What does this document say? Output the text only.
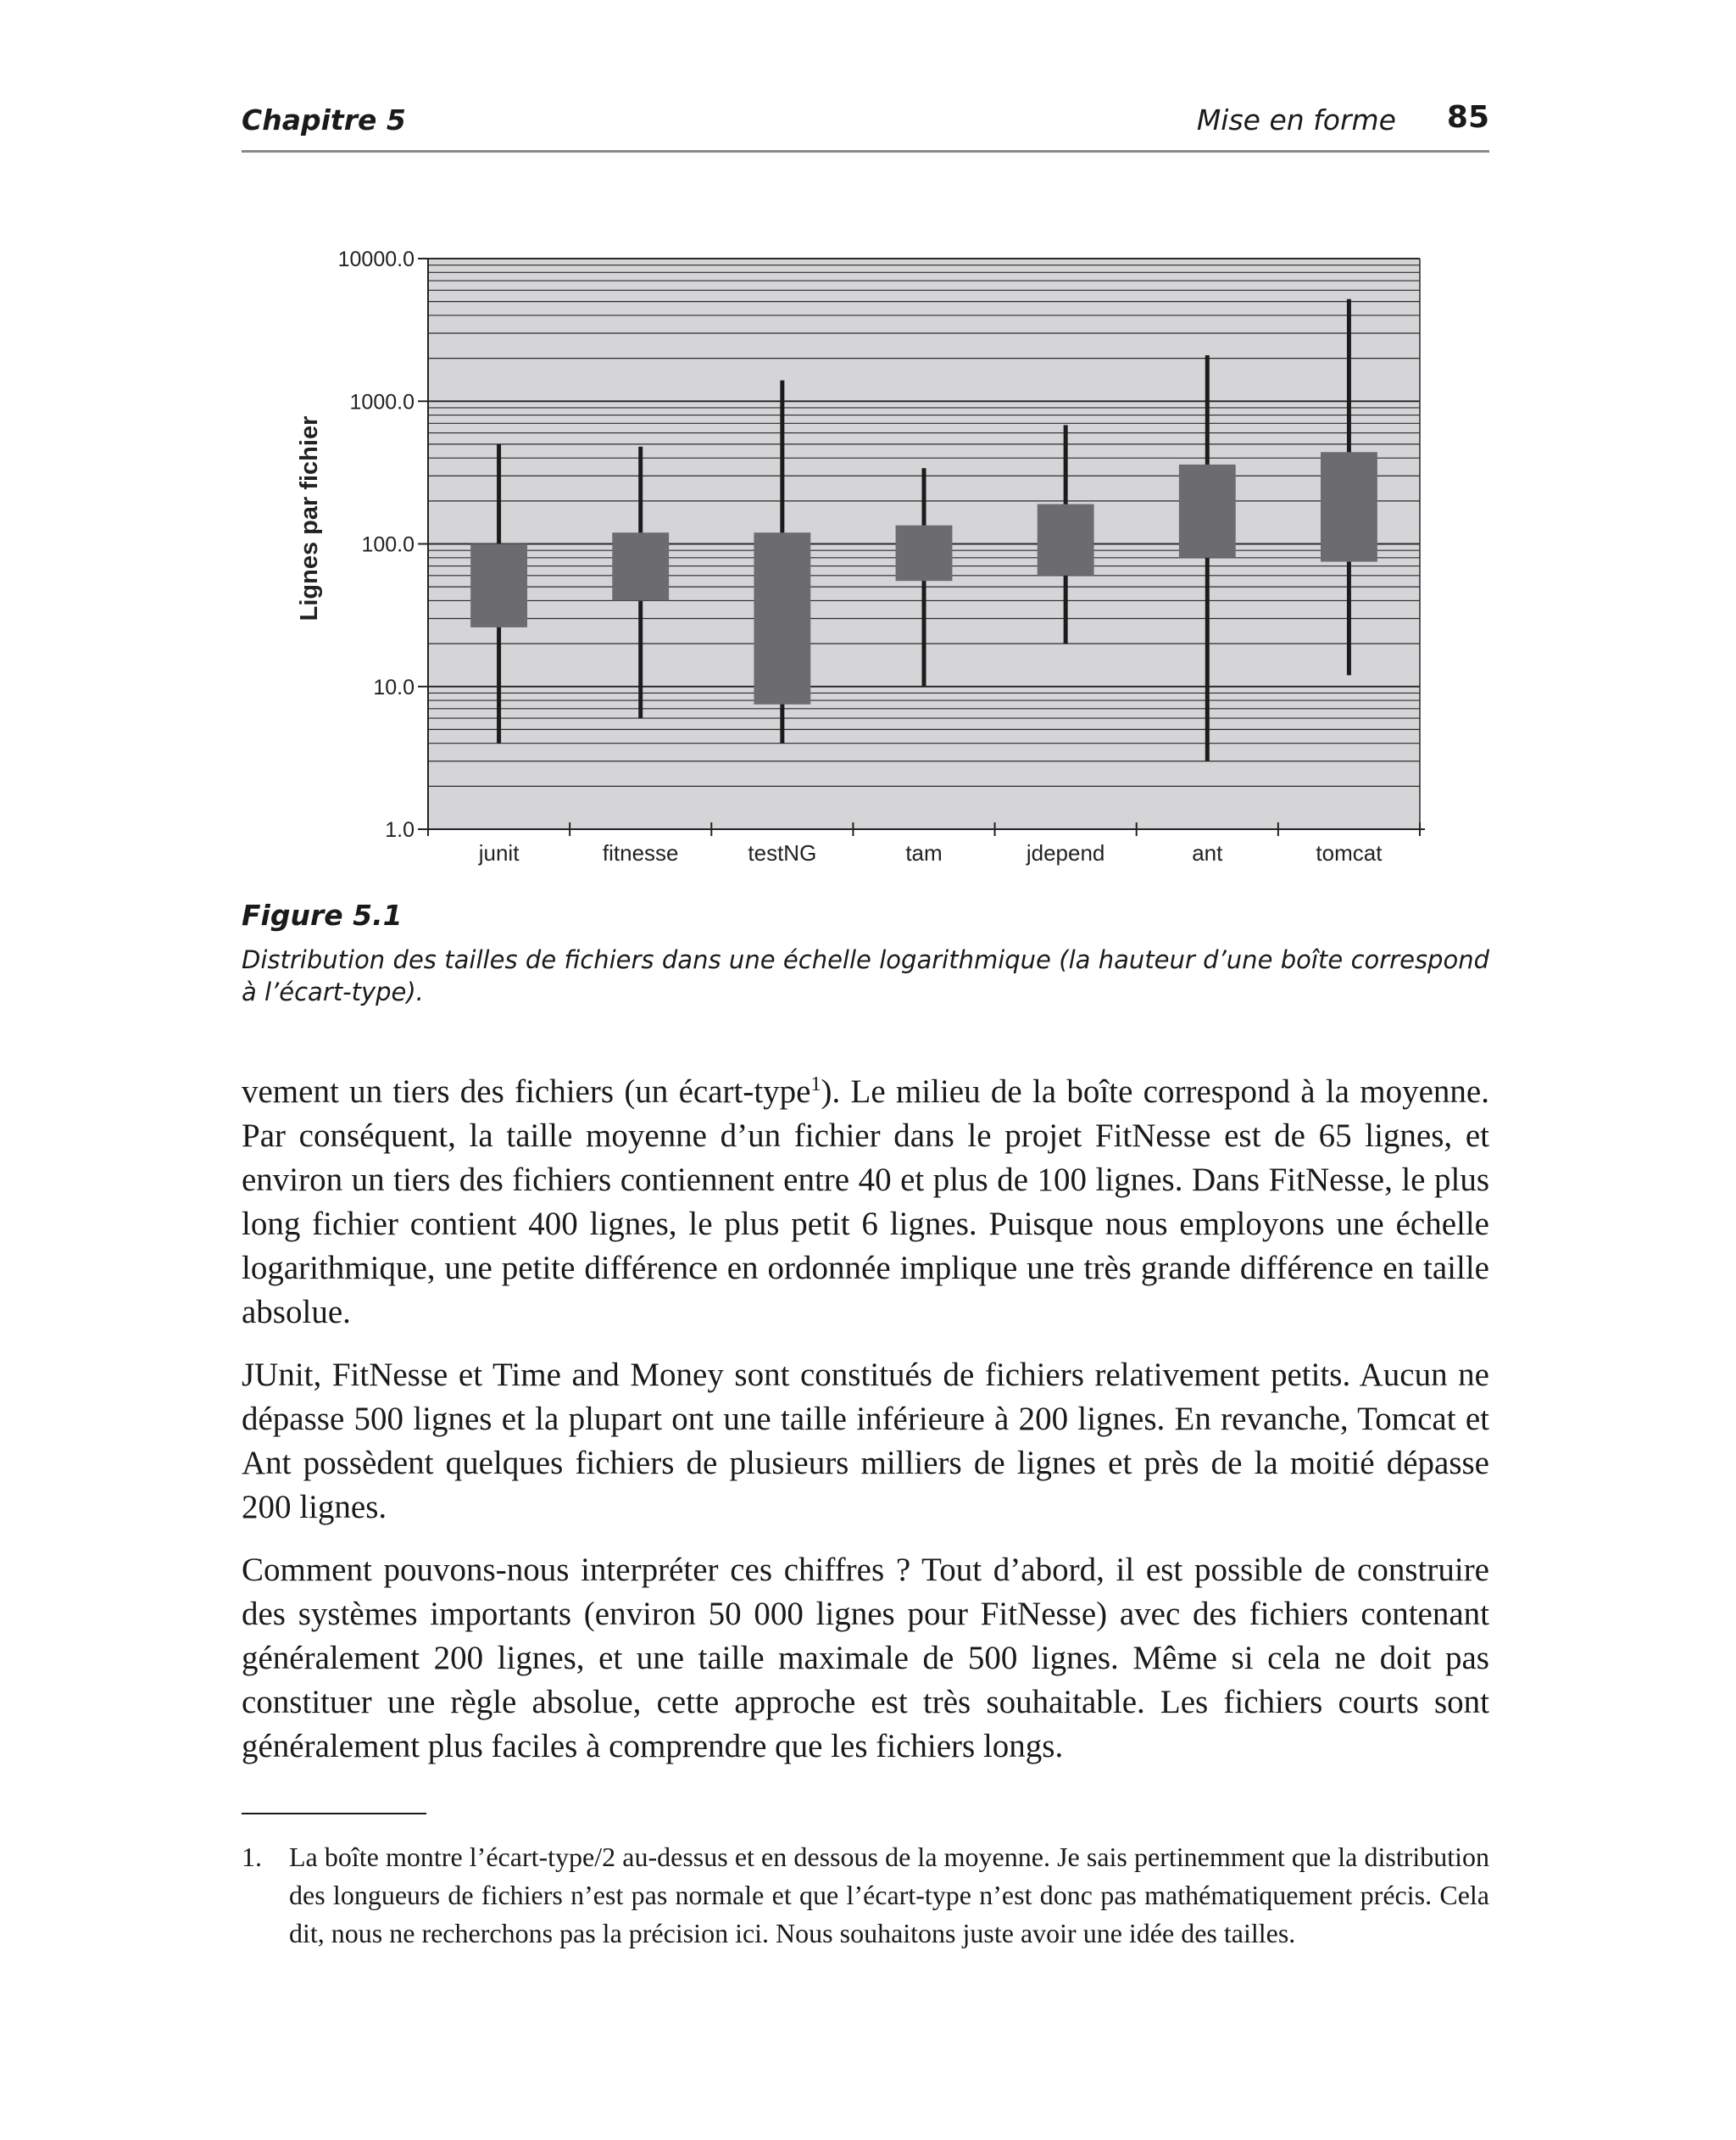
Chapitre 5	Mise en forme 85
1.0
10.0
100.0
1000.0
10000.0
junit	fitnesse	testNG	tam	jdepend	ant	tomcat
Lignes par fichier
Figure 5.1
Distribution des tailles de fichiers dans une échelle logarithmique (la hauteur d’une boîte correspond à l’écart-type).

vement un tiers des fichiers (un écart-type$^1$). Le milieu de la boîte correspond à la moyenne. Par conséquent, la taille moyenne d’un fichier dans le projet FitNesse est de 65 lignes, et environ un tiers des fichiers contiennent entre 40 et plus de 100 lignes. Dans FitNesse, le plus long fichier contient 400 lignes, le plus petit 6 lignes. Puisque nous employons une échelle logarithmique, une petite différence en ordonnée implique une très grande différence en taille absolue.

JUnit, FitNesse et Time and Money sont constitués de fichiers relativement petits. Aucun ne dépasse 500 lignes et la plupart ont une taille inférieure à 200 lignes. En revanche, Tomcat et Ant possèdent quelques fichiers de plusieurs milliers de lignes et près de la moitié dépasse 200 lignes.

Comment pouvons-nous interpréter ces chiffres ? Tout d’abord, il est possible de construire des systèmes importants (environ 50 000 lignes pour FitNesse) avec des fichiers contenant généralement 200 lignes, et une taille maximale de 500 lignes. Même si cela ne doit pas constituer une règle absolue, cette approche est très souhaitable. Les fichiers courts sont généralement plus faciles à comprendre que les fichiers longs.

1. La boîte montre l’écart-type/2 au-dessus et en dessous de la moyenne. Je sais pertinemment que la distribution des longueurs de fichiers n’est pas normale et que l’écart-type n’est donc pas mathématiquement précis. Cela dit, nous ne recherchons pas la précision ici. Nous souhaitons juste avoir une idée des tailles.
